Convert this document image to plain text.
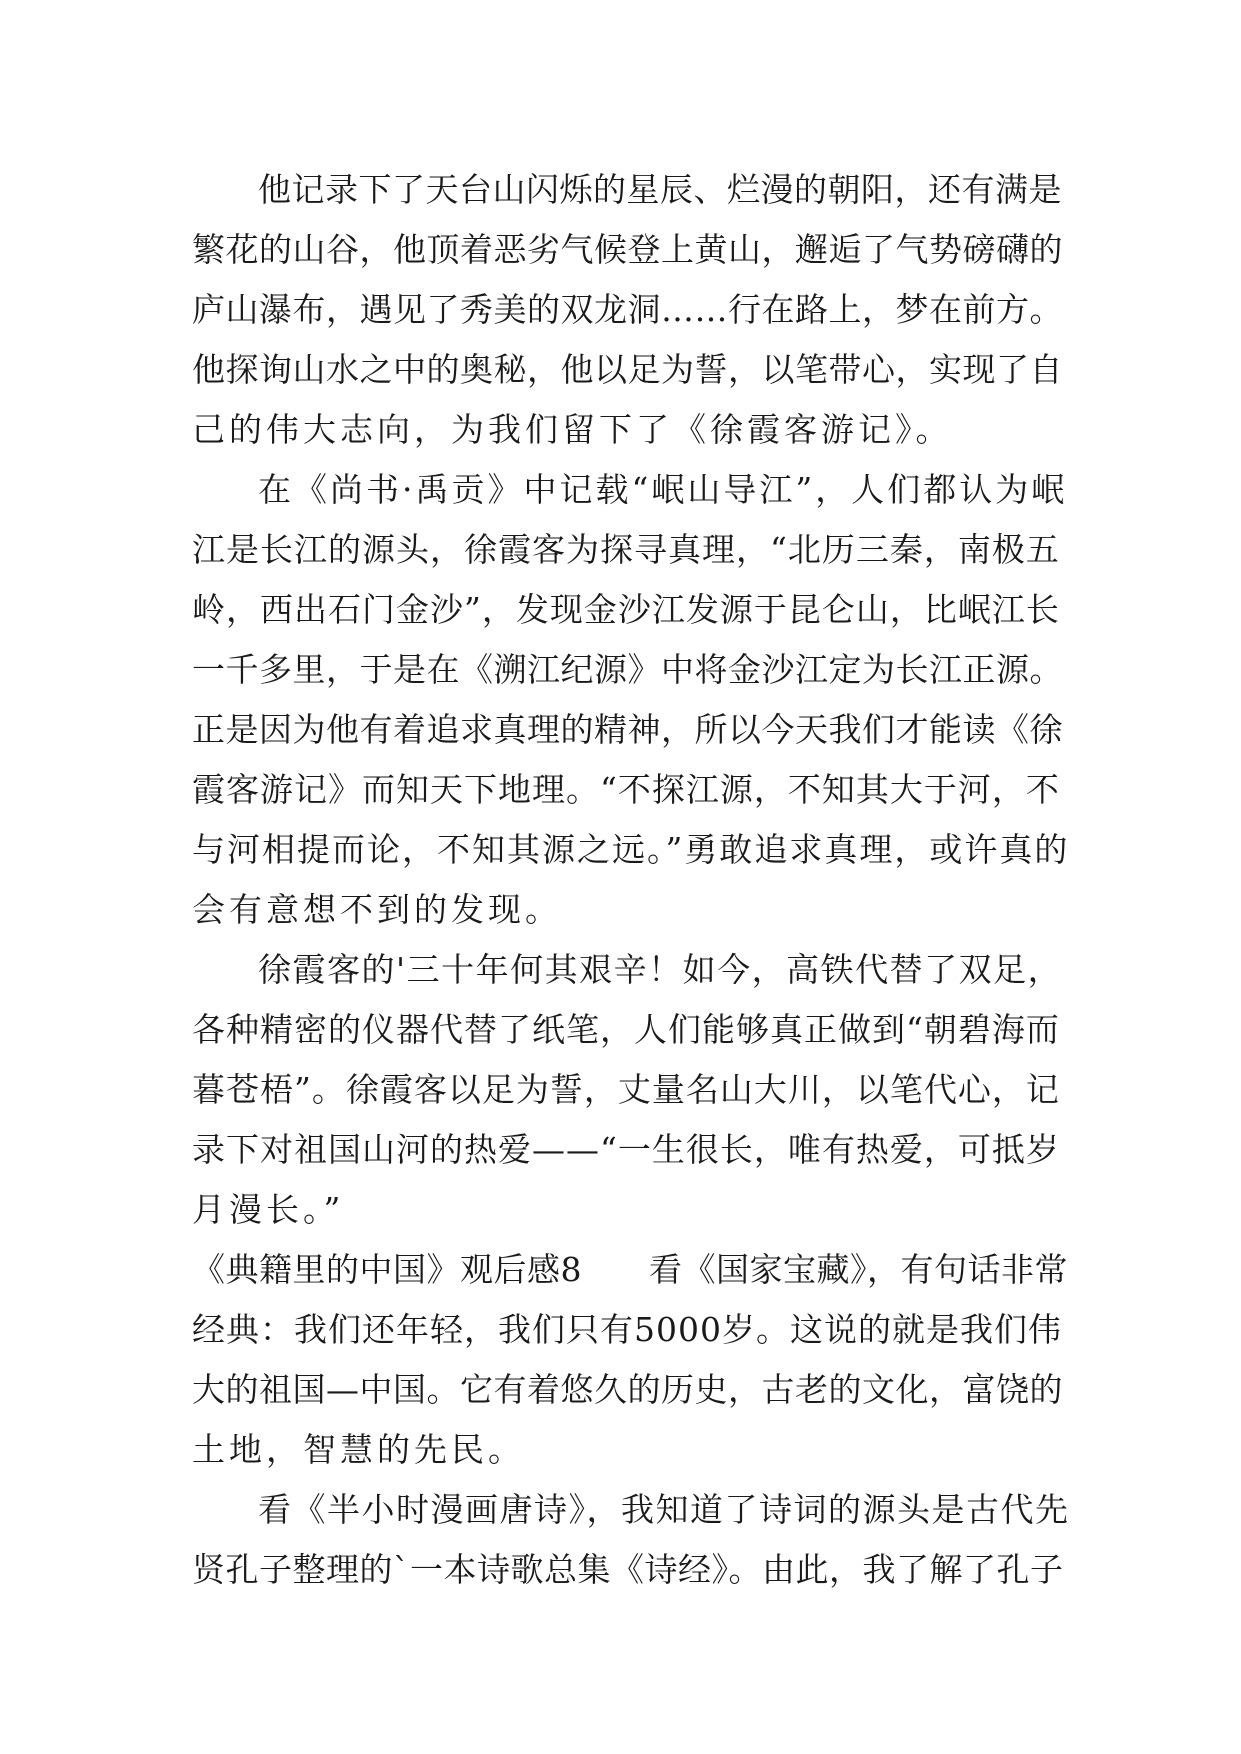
他记录下了天台山闪烁的星辰、烂漫的朝阳，还有满是
繁花的山谷，他顶着恶劣气候登上黄山，邂逅了气势磅礴的
庐山瀑布，遇见了秀美的双龙洞……行在路上，梦在前方。
他探询山水之中的奥秘，他以足为誓，以笔带心，实现了自
己的伟大志向，为我们留下了《徐霞客游记》。
在《尚书·禹贡》中记载“岷山导江”，人们都认为岷
江是长江的源头，徐霞客为探寻真理，“北历三秦，南极五
岭，西出石门金沙”，发现金沙江发源于昆仑山，比岷江长
一千多里，于是在《溯江纪源》中将金沙江定为长江正源。
正是因为他有着追求真理的精神，所以今天我们才能读《徐
霞客游记》而知天下地理。“不探江源，不知其大于河，不
与河相提而论，不知其源之远。”勇敢追求真理，或许真的
会有意想不到的发现。
徐霞客的'三十年何其艰辛！如今，高铁代替了双足，
各种精密的仪器代替了纸笔，人们能够真正做到“朝碧海而
暮苍梧”。徐霞客以足为誓，丈量名山大川，以笔代心，记
录下对祖国山河的热爱——“一生很长，唯有热爱，可抵岁
月漫长。”
《典籍里的中国》观后感8　　看《国家宝藏》，有句话非常
经典：我们还年轻，我们只有5000岁。这说的就是我们伟
大的祖国—中国。它有着悠久的历史，古老的文化，富饶的
土地，智慧的先民。
看《半小时漫画唐诗》，我知道了诗词的源头是古代先
贤孔子整理的`一本诗歌总集《诗经》。由此，我了解了孔子
